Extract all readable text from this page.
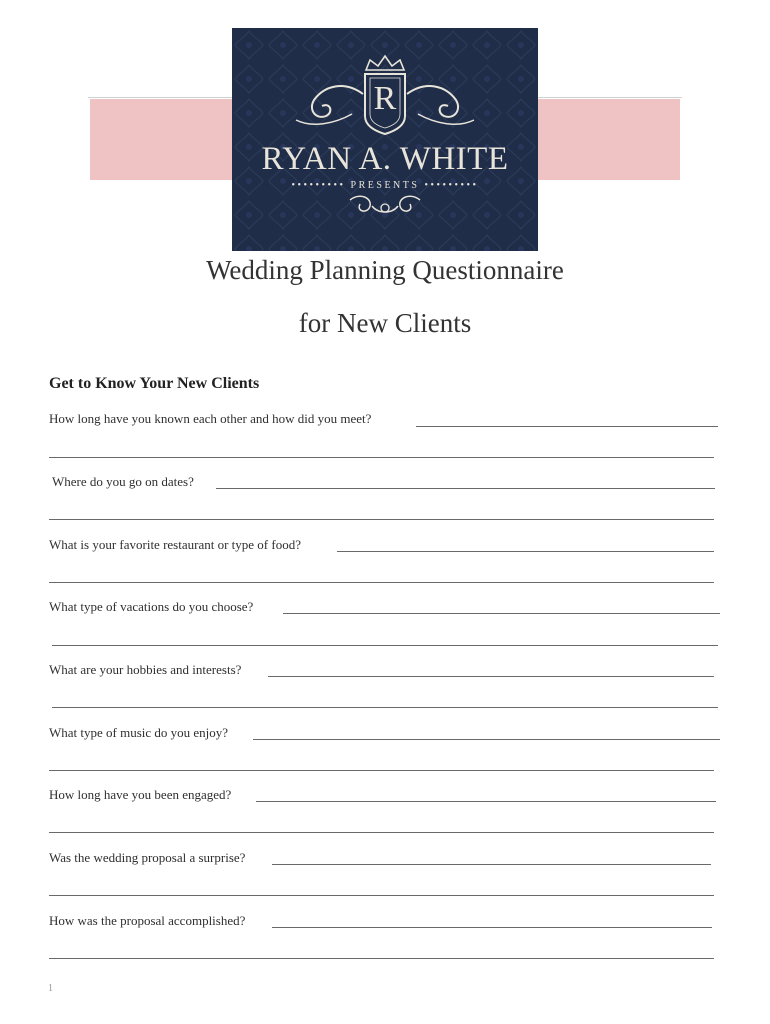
R
RYAN A. WHITE
••••••••• PRESENTS •••••••••
Wedding Planning Questionnaire
for New Clients
Get to Know Your New Clients
How long have you known each other and how did you meet?
Where do you go on dates?
What is your favorite restaurant or type of food?
What type of vacations do you choose?
What are your hobbies and interests?
What type of music do you enjoy?
How long have you been engaged?
Was the wedding proposal a surprise?
How was the proposal accomplished?
1
